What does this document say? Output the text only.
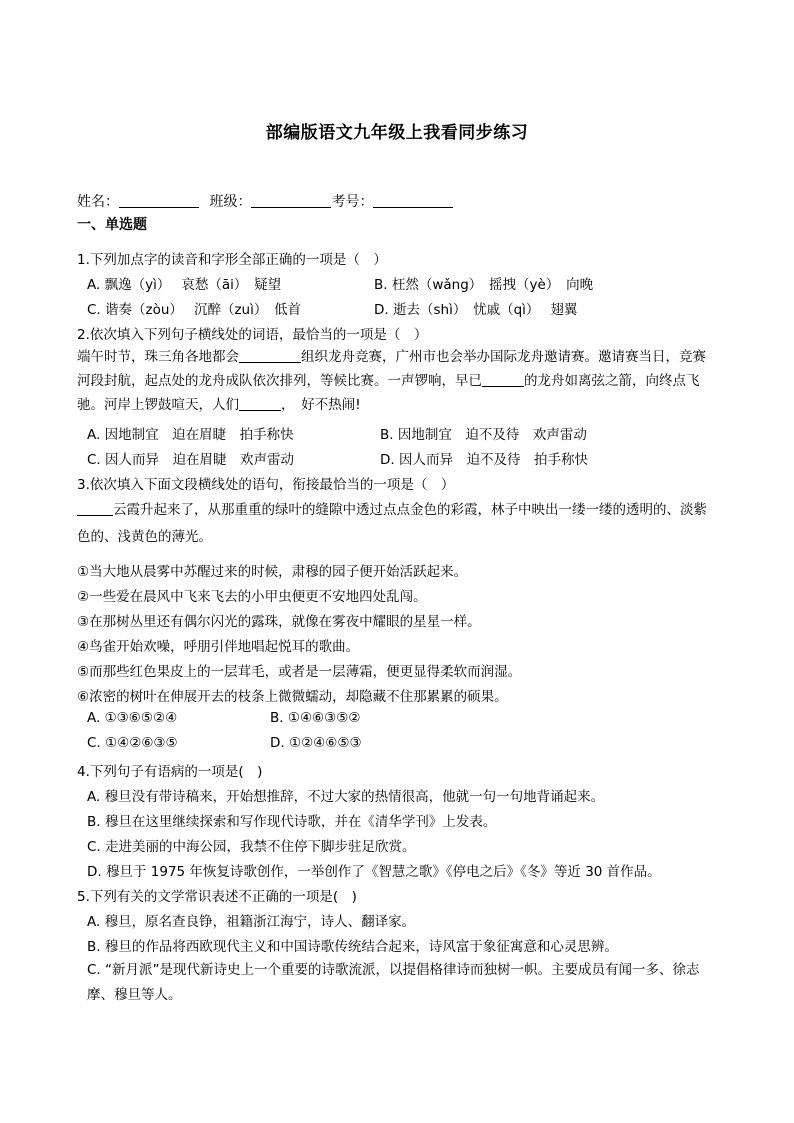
部编版语文九年级上我看同步练习
姓名：	班级：	考号：
一、单选题
1.下列加点字的读音和字形全部正确的一项是（　）
A. 飘逸（yì）　 哀愁（āi）　疑望	B. 枉然（wǎng）　摇拽（yè）　向晚
C. 谐奏（zòu）　 沉醉（zuì）　低首	D. 逝去（shì）　忧戚（qì）　 翅翼
2.依次填入下列句子横线处的词语，最恰当的一项是（　）
端午时节，珠三角各地都会	组织龙舟竞赛，广州市也会举办国际龙舟邀请赛。邀请赛当日，竞赛河段封航，起点处的龙舟成队依次排列，等候比赛。一声锣响，早已	的龙舟如离弦之箭，向终点飞驰。河岸上锣鼓喧天，人们	，　好不热闹!
A. 因地制宜　迫在眉睫　拍手称快	B. 因地制宜　迫不及待　欢声雷动
C. 因人而异　迫在眉睫　欢声雷动	D. 因人而异　迫不及待　拍手称快
3.依次填入下面文段横线处的语句，衔接最恰当的一项是（　）
云霞升起来了，从那重重的绿叶的缝隙中透过点点金色的彩霞，林子中映出一缕一缕的透明的、淡紫色的、浅黄色的薄光。
①当大地从晨雾中苏醒过来的时候，肃穆的园子便开始活跃起来。
②一些爱在晨风中飞来飞去的小甲虫便更不安地四处乱闯。
③在那树丛里还有偶尔闪光的露珠，就像在雾夜中耀眼的星星一样。
④鸟雀开始欢噪，呼朋引伴地唱起悦耳的歌曲。
⑤而那些红色果皮上的一层茸毛，或者是一层薄霜，便更显得柔软而润湿。
⑥浓密的树叶在伸展开去的枝条上微微蠕动，却隐藏不住那累累的硕果。
A. ①③⑥⑤②④	B. ①④⑥③⑤②
C. ①④②⑥③⑤	D. ①②④⑥⑤③
4.下列句子有语病的一项是(　)
A. 穆旦没有带诗稿来，开始想推辞，不过大家的热情很高，他就一句一句地背诵起来。
B. 穆旦在这里继续探索和写作现代诗歌，并在《清华学刊》上发表。
C. 走进美丽的中海公园，我禁不住停下脚步驻足欣赏。
D. 穆旦于 1975 年恢复诗歌创作，一举创作了《智慧之歌》《停电之后》《冬》等近 30 首作品。
5.下列有关的文学常识表述不正确的一项是(　)
A. 穆旦，原名查良铮，祖籍浙江海宁，诗人、翻译家。
B. 穆旦的作品将西欧现代主义和中国诗歌传统结合起来，诗风富于象征寓意和心灵思辨。
C. “新月派”是现代新诗史上一个重要的诗歌流派，以提倡格律诗而独树一帜。主要成员有闻一多、徐志摩、穆旦等人。
